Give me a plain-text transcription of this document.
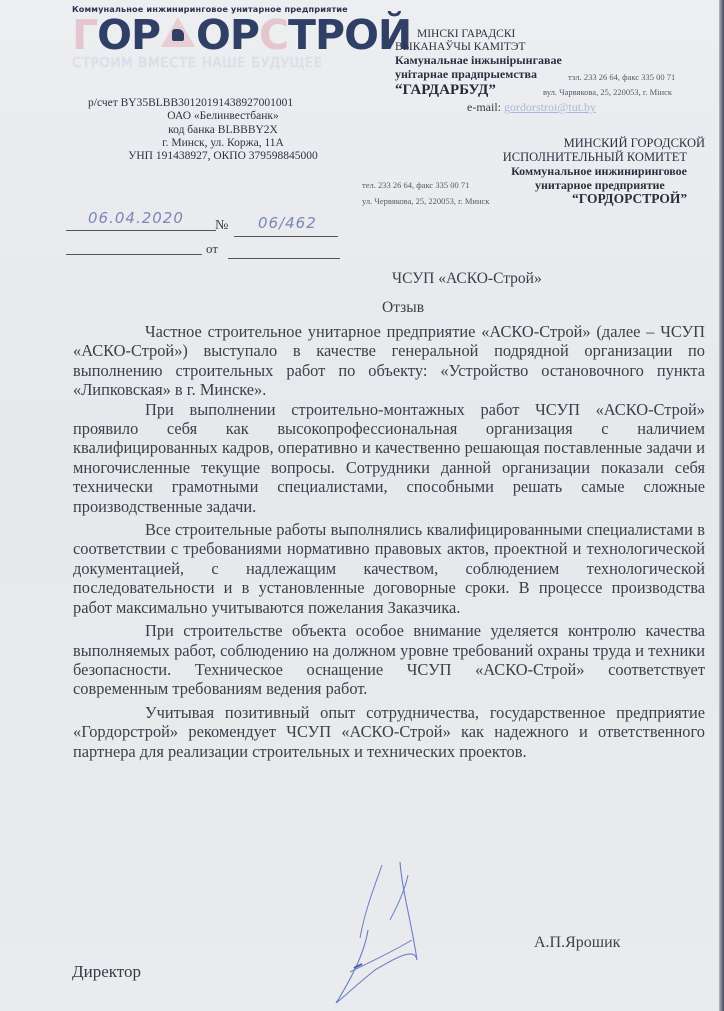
Коммунальное инжиниринговое унитарное предприятие
ГОР ОРСТРОЙ
СТРОИМ ВМЕСТЕ НАШЕ БУДУЩЕЕ
р/счет BY35BLBB30120191438927001001
ОАО «Белинвестбанк»
код банка BLBBBY2X
г. Минск, ул. Коржа, 11А
УНП 191438927, ОКПО 379598845000
МІНСКІ ГАРАДСКІ
ВЫКАНАЎЧЫ КАМІТЭТ
Камунальнае інжынірынгавае
унітарнае прадпрыемства
“ГАРДАРБУД”
тэл. 233 26 64, факс 335 00 71
вул. Чарвякова, 25, 220053, г. Мінск
e-mail: gordorstroi@tut.by
МИНСКИЙ ГОРОДСКОЙ
ИСПОЛНИТЕЛЬНЫЙ КОМИТЕТ
Коммунальное инжиниринговое
тел. 233 26 64, факс 335 00 71	унитарное предприятие
ул. Червякова, 25, 220053, г. Минск	“ГОРДОРСТРОЙ”
06.04.2020 № 06/462
от
ЧСУП «АСКО-Строй»
Отзыв

Частное строительное унитарное предприятие «АСКО-Строй» (далее – ЧСУП «АСКО-Строй») выступало в качестве генеральной подрядной организации по выполнению строительных работ по объекту: «Устройство остановочного пункта «Липковская» в г. Минске».

При выполнении строительно-монтажных работ ЧСУП «АСКО-Строй» проявило себя как высокопрофессиональная организация с наличием квалифицированных кадров, оперативно и качественно решающая поставленные задачи и многочисленные текущие вопросы. Сотрудники данной организации показали себя технически грамотными специалистами, способными решать самые сложные производственные задачи.

Все строительные работы выполнялись квалифицированными специалистами в соответствии с требованиями нормативно правовых актов, проектной и технологической документацией, с надлежащим качеством, соблюдением технологической последовательности и в установленные договорные сроки. В процессе производства работ максимально учитываются пожелания Заказчика.

При строительстве объекта особое внимание уделяется контролю качества выполняемых работ, соблюдению на должном уровне требований охраны труда и техники безопасности. Техническое оснащение ЧСУП «АСКО-Строй» соответствует современным требованиям ведения работ.

Учитывая позитивный опыт сотрудничества, государственное предприятие «Гордорстрой» рекомендует ЧСУП «АСКО-Строй» как надежного и ответственного партнера для реализации строительных и технических проектов.

А.П.Ярошик
Директор
